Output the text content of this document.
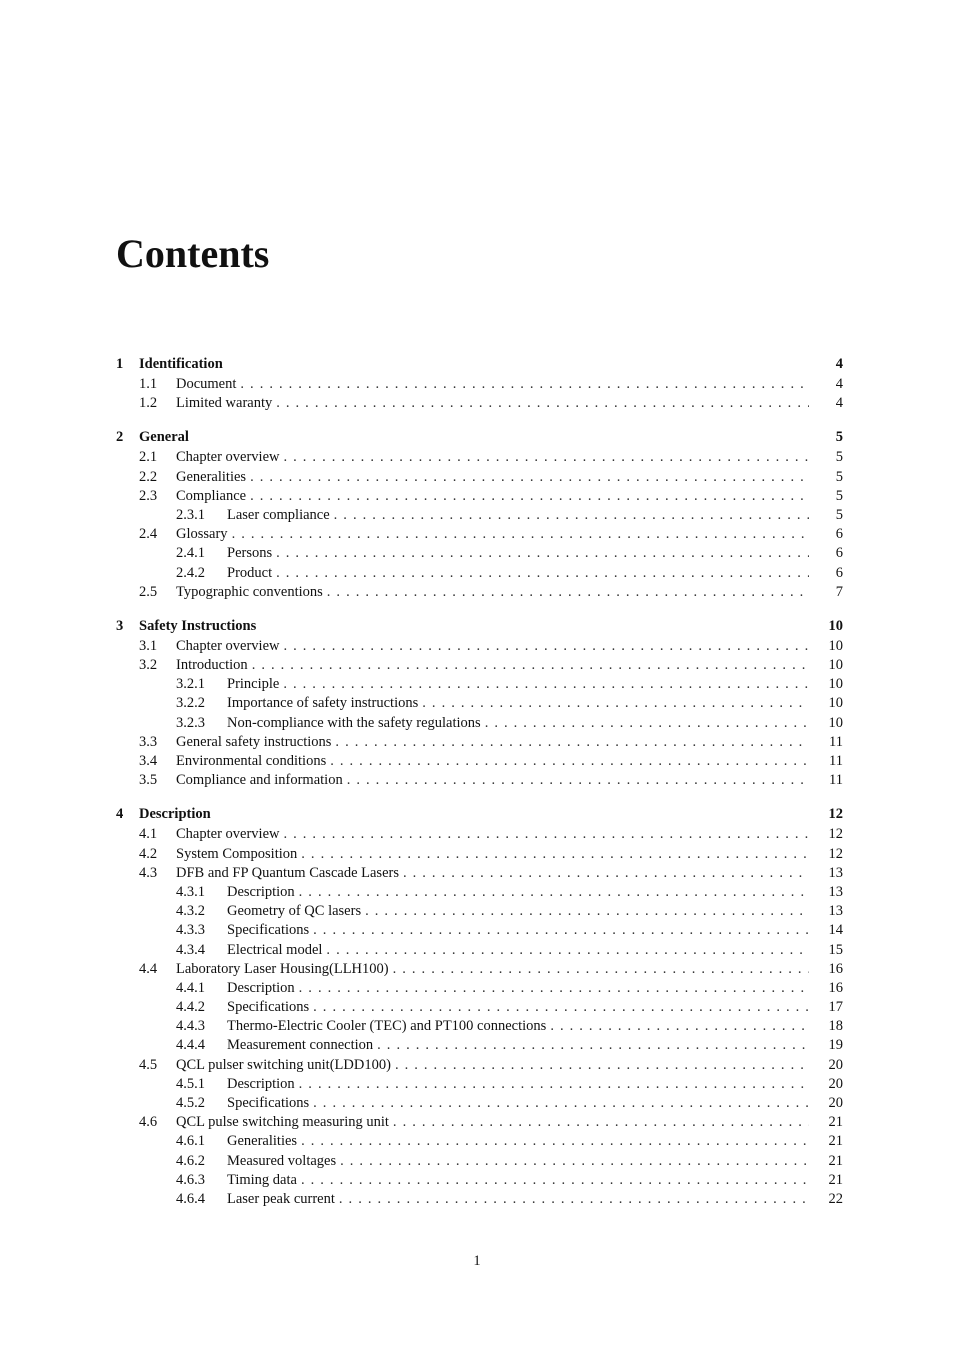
Contents
1	Identification	4
1.1	Document . . .	4
1.2	Limited waranty . . .	4
2	General	5
2.1	Chapter overview . . .	5
2.2	Generalities . . .	5
2.3	Compliance . . .	5
2.3.1	Laser compliance . . .	5
2.4	Glossary . . .	6
2.4.1	Persons . . .	6
2.4.2	Product . . .	6
2.5	Typographic conventions . . .	7
3	Safety Instructions	10
3.1	Chapter overview . . .	10
3.2	Introduction . . .	10
3.2.1	Principle . . .	10
3.2.2	Importance of safety instructions . . .	10
3.2.3	Non-compliance with the safety regulations . . .	10
3.3	General safety instructions . . .	11
3.4	Environmental conditions . . .	11
3.5	Compliance and information . . .	11
4	Description	12
4.1	Chapter overview . . .	12
4.2	System Composition . . .	12
4.3	DFB and FP Quantum Cascade Lasers . . .	13
4.3.1	Description . . .	13
4.3.2	Geometry of QC lasers . . .	13
4.3.3	Specifications . . .	14
4.3.4	Electrical model . . .	15
4.4	Laboratory Laser Housing(LLH100) . . .	16
4.4.1	Description . . .	16
4.4.2	Specifications . . .	17
4.4.3	Thermo-Electric Cooler (TEC) and PT100 connections . . .	18
4.4.4	Measurement connection . . .	19
4.5	QCL pulser switching unit(LDD100) . . .	20
4.5.1	Description . . .	20
4.5.2	Specifications . . .	20
4.6	QCL pulse switching measuring unit . . .	21
4.6.1	Generalities . . .	21
4.6.2	Measured voltages . . .	21
4.6.3	Timing data . . .	21
4.6.4	Laser peak current . . .	22
1
